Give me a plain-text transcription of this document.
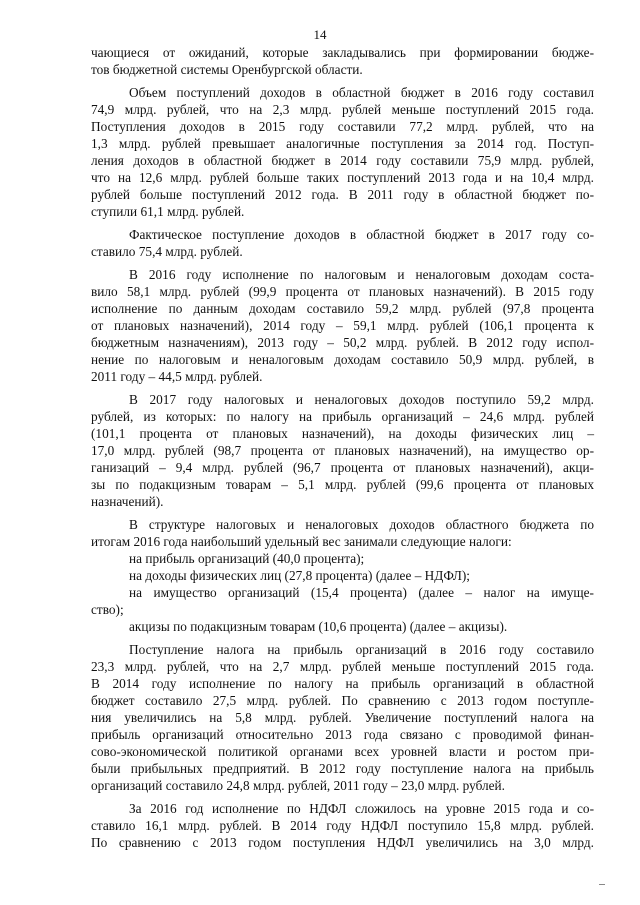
14
чающиеся от ожиданий, которые закладывались при формировании бюдже-
тов бюджетной системы Оренбургской области.
Объем поступлений доходов в областной бюджет в 2016 году составил
74,9 млрд. рублей, что на 2,3 млрд. рублей меньше поступлений 2015 года.
Поступления доходов в 2015 году составили 77,2 млрд. рублей, что на
1,3 млрд. рублей превышает аналогичные поступления за 2014 год. Поступ-
ления доходов в областной бюджет в 2014 году составили 75,9 млрд. рублей,
что на 12,6 млрд. рублей больше таких поступлений 2013 года и на 10,4 млрд.
рублей больше поступлений 2012 года. В 2011 году в областной бюджет по-
ступили 61,1 млрд. рублей.
Фактическое поступление доходов в областной бюджет в 2017 году со-
ставило 75,4 млрд. рублей.
В 2016 году исполнение по налоговым и неналоговым доходам соста-
вило 58,1 млрд. рублей (99,9 процента от плановых назначений). В 2015 году
исполнение по данным доходам составило 59,2 млрд. рублей (97,8 процента
от плановых назначений), 2014 году – 59,1 млрд. рублей (106,1 процента к
бюджетным назначениям), 2013 году – 50,2 млрд. рублей. В 2012 году испол-
нение по налоговым и неналоговым доходам составило 50,9 млрд. рублей, в
2011 году – 44,5 млрд. рублей.
В 2017 году налоговых и неналоговых доходов поступило 59,2 млрд.
рублей, из которых: по налогу на прибыль организаций – 24,6 млрд. рублей
(101,1 процента от плановых назначений), на доходы физических лиц –
17,0 млрд. рублей (98,7 процента от плановых назначений), на имущество ор-
ганизаций – 9,4 млрд. рублей (96,7 процента от плановых назначений), акци-
зы по подакцизным товарам – 5,1 млрд. рублей (99,6 процента от плановых
назначений).
В структуре налоговых и неналоговых доходов областного бюджета по
итогам 2016 года наибольший удельный вес занимали следующие налоги:
на прибыль организаций (40,0 процента);
на доходы физических лиц (27,8 процента) (далее – НДФЛ);
на имущество организаций (15,4 процента) (далее – налог на имуще-
ство);
акцизы по подакцизным товарам (10,6 процента) (далее – акцизы).
Поступление налога на прибыль организаций в 2016 году составило
23,3 млрд. рублей, что на 2,7 млрд. рублей меньше поступлений 2015 года.
В 2014 году исполнение по налогу на прибыль организаций в областной
бюджет составило 27,5 млрд. рублей. По сравнению с 2013 годом поступле-
ния увеличились на 5,8 млрд. рублей. Увеличение поступлений налога на
прибыль организаций относительно 2013 года связано с проводимой финан-
сово-экономической политикой органами всех уровней власти и ростом при-
были прибыльных предприятий. В 2012 году поступление налога на прибыль
организаций составило 24,8 млрд. рублей, 2011 году – 23,0 млрд. рублей.
За 2016 год исполнение по НДФЛ сложилось на уровне 2015 года и со-
ставило 16,1 млрд. рублей. В 2014 году НДФЛ поступило 15,8 млрд. рублей.
По сравнению с 2013 годом поступления НДФЛ увеличились на 3,0 млрд.
